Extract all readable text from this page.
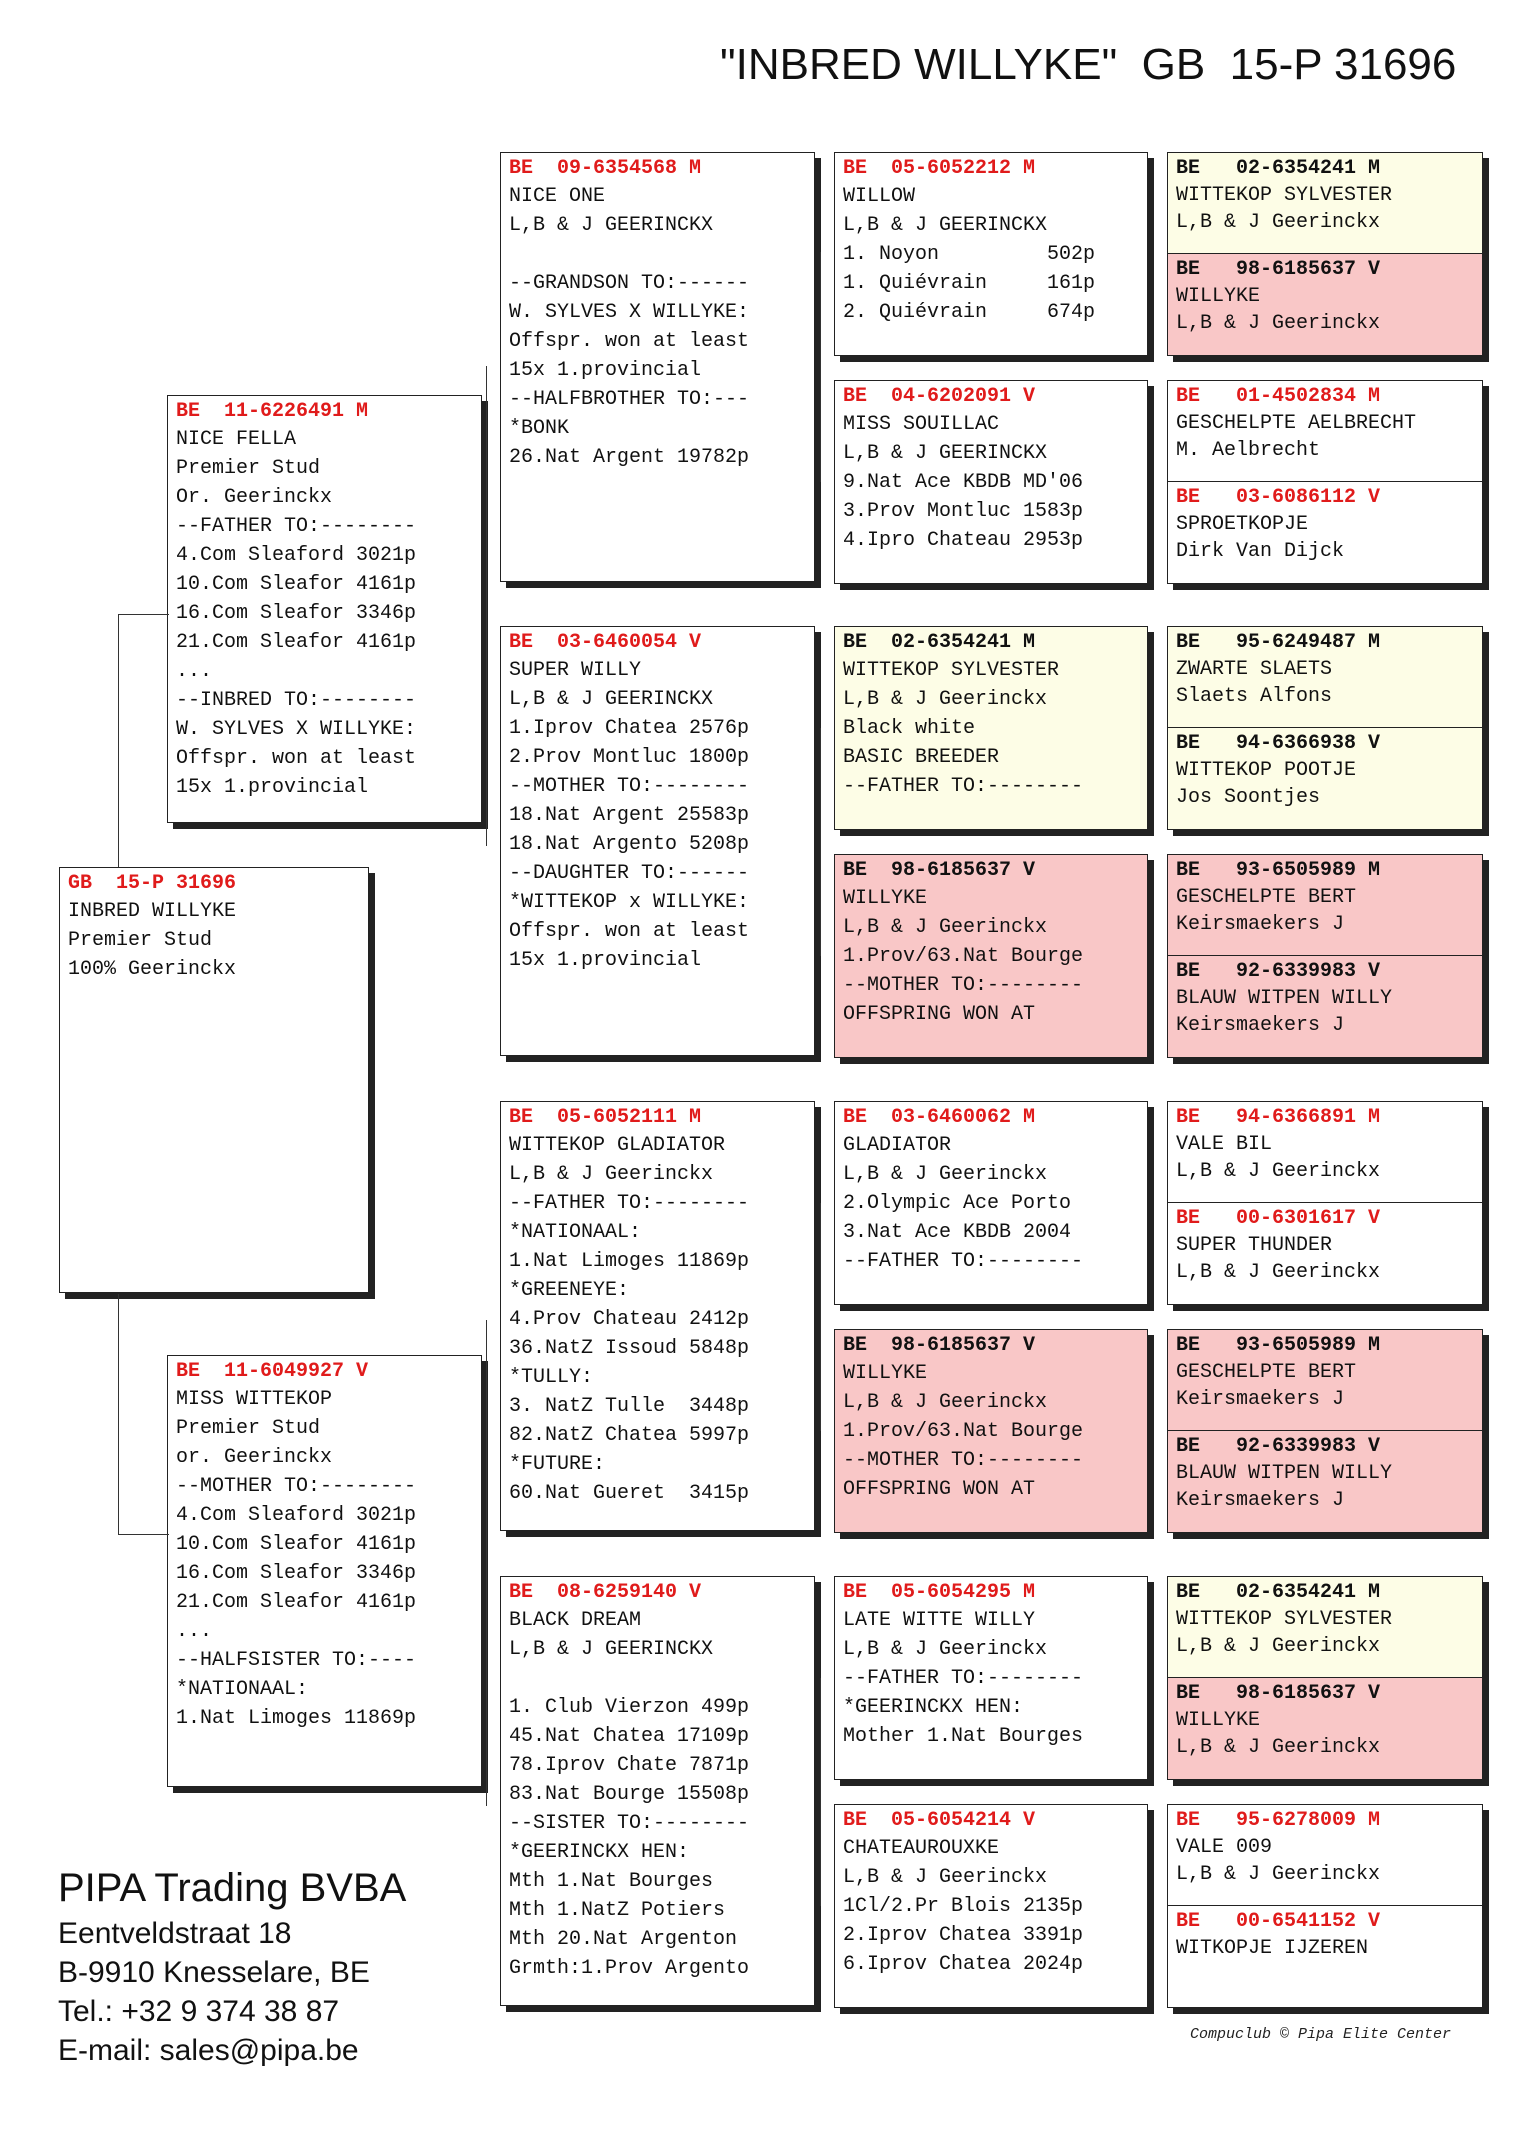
"INBRED WILLYKE"  GB  15-P 31696
GB  15-P 31696
INBRED WILLYKE
Premier Stud
100% Geerinckx
BE  11-6226491 M
NICE FELLA
Premier Stud
Or. Geerinckx
--FATHER TO:--------
4.Com Sleaford 3021p
10.Com Sleafor 4161p
16.Com Sleafor 3346p
21.Com Sleafor 4161p
...
--INBRED TO:--------
W. SYLVES X WILLYKE:
Offspr. won at least
15x 1.provincial
BE  11-6049927 V
MISS WITTEKOP
Premier Stud
or. Geerinckx
--MOTHER TO:--------
4.Com Sleaford 3021p
10.Com Sleafor 4161p
16.Com Sleafor 3346p
21.Com Sleafor 4161p
...
--HALFSISTER TO:----
*NATIONAAL:
1.Nat Limoges 11869p
BE  09-6354568 M
NICE ONE
L,B & J GEERINCKX
--GRANDSON TO:------
W. SYLVES X WILLYKE:
Offspr. won at least
15x 1.provincial
--HALFBROTHER TO:---
*BONK
26.Nat Argent 19782p
BE  03-6460054 V
SUPER WILLY
L,B & J GEERINCKX
1.Iprov Chatea 2576p
2.Prov Montluc 1800p
--MOTHER TO:--------
18.Nat Argent 25583p
18.Nat Argento 5208p
--DAUGHTER TO:------
*WITTEKOP x WILLYKE:
Offspr. won at least
15x 1.provincial
BE  05-6052111 M
WITTEKOP GLADIATOR
L,B & J Geerinckx
--FATHER TO:--------
*NATIONAAL:
1.Nat Limoges 11869p
*GREENEYE:
4.Prov Chateau 2412p
36.NatZ Issoud 5848p
*TULLY:
3. NatZ Tulle  3448p
82.NatZ Chatea 5997p
*FUTURE:
60.Nat Gueret  3415p
BE  08-6259140 V
BLACK DREAM
L,B & J GEERINCKX
1. Club Vierzon 499p
45.Nat Chatea 17109p
78.Iprov Chate 7871p
83.Nat Bourge 15508p
--SISTER TO:--------
*GEERINCKX HEN:
Mth 1.Nat Bourges
Mth 1.NatZ Potiers
Mth 20.Nat Argenton
Grmth:1.Prov Argento
BE  05-6052212 M
WILLOW
L,B & J GEERINCKX
1. Noyon         502p
1. Quiévrain     161p
2. Quiévrain     674p
BE  04-6202091 V
MISS SOUILLAC
L,B & J GEERINCKX
9.Nat Ace KBDB MD'06
3.Prov Montluc 1583p
4.Ipro Chateau 2953p
BE  02-6354241 M
WITTEKOP SYLVESTER
L,B & J Geerinckx
Black white
BASIC BREEDER
--FATHER TO:--------
BE  98-6185637 V
WILLYKE
L,B & J Geerinckx
1.Prov/63.Nat Bourge
--MOTHER TO:--------
OFFSPRING WON AT
BE  03-6460062 M
GLADIATOR
L,B & J Geerinckx
2.Olympic Ace Porto
3.Nat Ace KBDB 2004
--FATHER TO:--------
BE  98-6185637 V
WILLYKE
L,B & J Geerinckx
1.Prov/63.Nat Bourge
--MOTHER TO:--------
OFFSPRING WON AT
BE  05-6054295 M
LATE WITTE WILLY
L,B & J Geerinckx
--FATHER TO:--------
*GEERINCKX HEN:
Mother 1.Nat Bourges
BE  05-6054214 V
CHATEAUROUXKE
L,B & J Geerinckx
1Cl/2.Pr Blois 2135p
2.Iprov Chatea 3391p
6.Iprov Chatea 2024p
BE   02-6354241 M
WITTEKOP SYLVESTER
L,B & J Geerinckx
BE   98-6185637 V
WILLYKE
L,B & J Geerinckx
BE   01-4502834 M
GESCHELPTE AELBRECHT
M. Aelbrecht
BE   03-6086112 V
SPROETKOPJE
Dirk Van Dijck
BE   95-6249487 M
ZWARTE SLAETS
Slaets Alfons
BE   94-6366938 V
WITTEKOP POOTJE
Jos Soontjes
BE   93-6505989 M
GESCHELPTE BERT
Keirsmaekers J
BE   92-6339983 V
BLAUW WITPEN WILLY
Keirsmaekers J
BE   94-6366891 M
VALE BIL
L,B & J Geerinckx
BE   00-6301617 V
SUPER THUNDER
L,B & J Geerinckx
BE   93-6505989 M
GESCHELPTE BERT
Keirsmaekers J
BE   92-6339983 V
BLAUW WITPEN WILLY
Keirsmaekers J
BE   02-6354241 M
WITTEKOP SYLVESTER
L,B & J Geerinckx
BE   98-6185637 V
WILLYKE
L,B & J Geerinckx
BE   95-6278009 M
VALE 009
L,B & J Geerinckx
BE   00-6541152 V
WITKOPJE IJZEREN
PIPA Trading BVBA
Eentveldstraat 18
B-9910 Knesselare, BE
Tel.: +32 9 374 38 87
E-mail: sales@pipa.be	Compuclub © Pipa Elite Center
